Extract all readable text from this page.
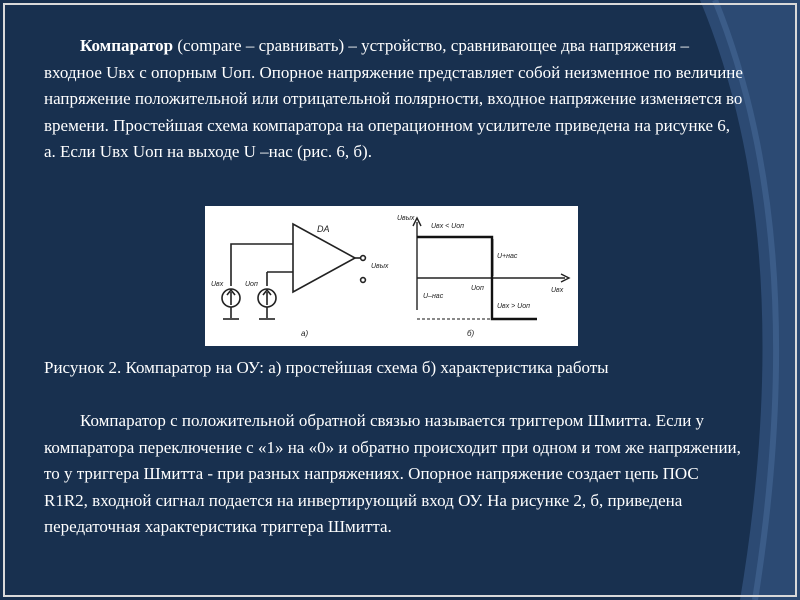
Компаратор (compare – сравнивать) – устройство, сравнивающее два напряжения – входное Uвх с опорным Uоп. Опорное напряжение представляет собой неизменное по величине напряжение положительной или отрицательной полярности, входное напряжение изменяется во времени. Простейшая схема компаратора на операционном усилителе приведена на рисунке 6, а. Если Uвх Uоп на выходе U –нас (рис. 6, б).

DA
Uвх	Uоп
Uвых
а)
Uвых
Uвх
Uвх < Uоп
Uвх > Uоп
U+нас
U–нас
Uоп
б)

Рисунок 2. Компаратор на ОУ: а) простейшая схема б) характеристика работы

Компаратор с положительной обратной связью называется триггером Шмитта. Если у компаратора переключение с «1» на «0» и обратно происходит при одном и том же напряжении, то у триггера Шмитта - при разных напряжениях. Опорное напряжение создает цепь ПОС R1R2, входной сигнал подается на инвертирующий вход ОУ. На рисунке 2, б, приведена передаточная характеристика триггера Шмитта.
